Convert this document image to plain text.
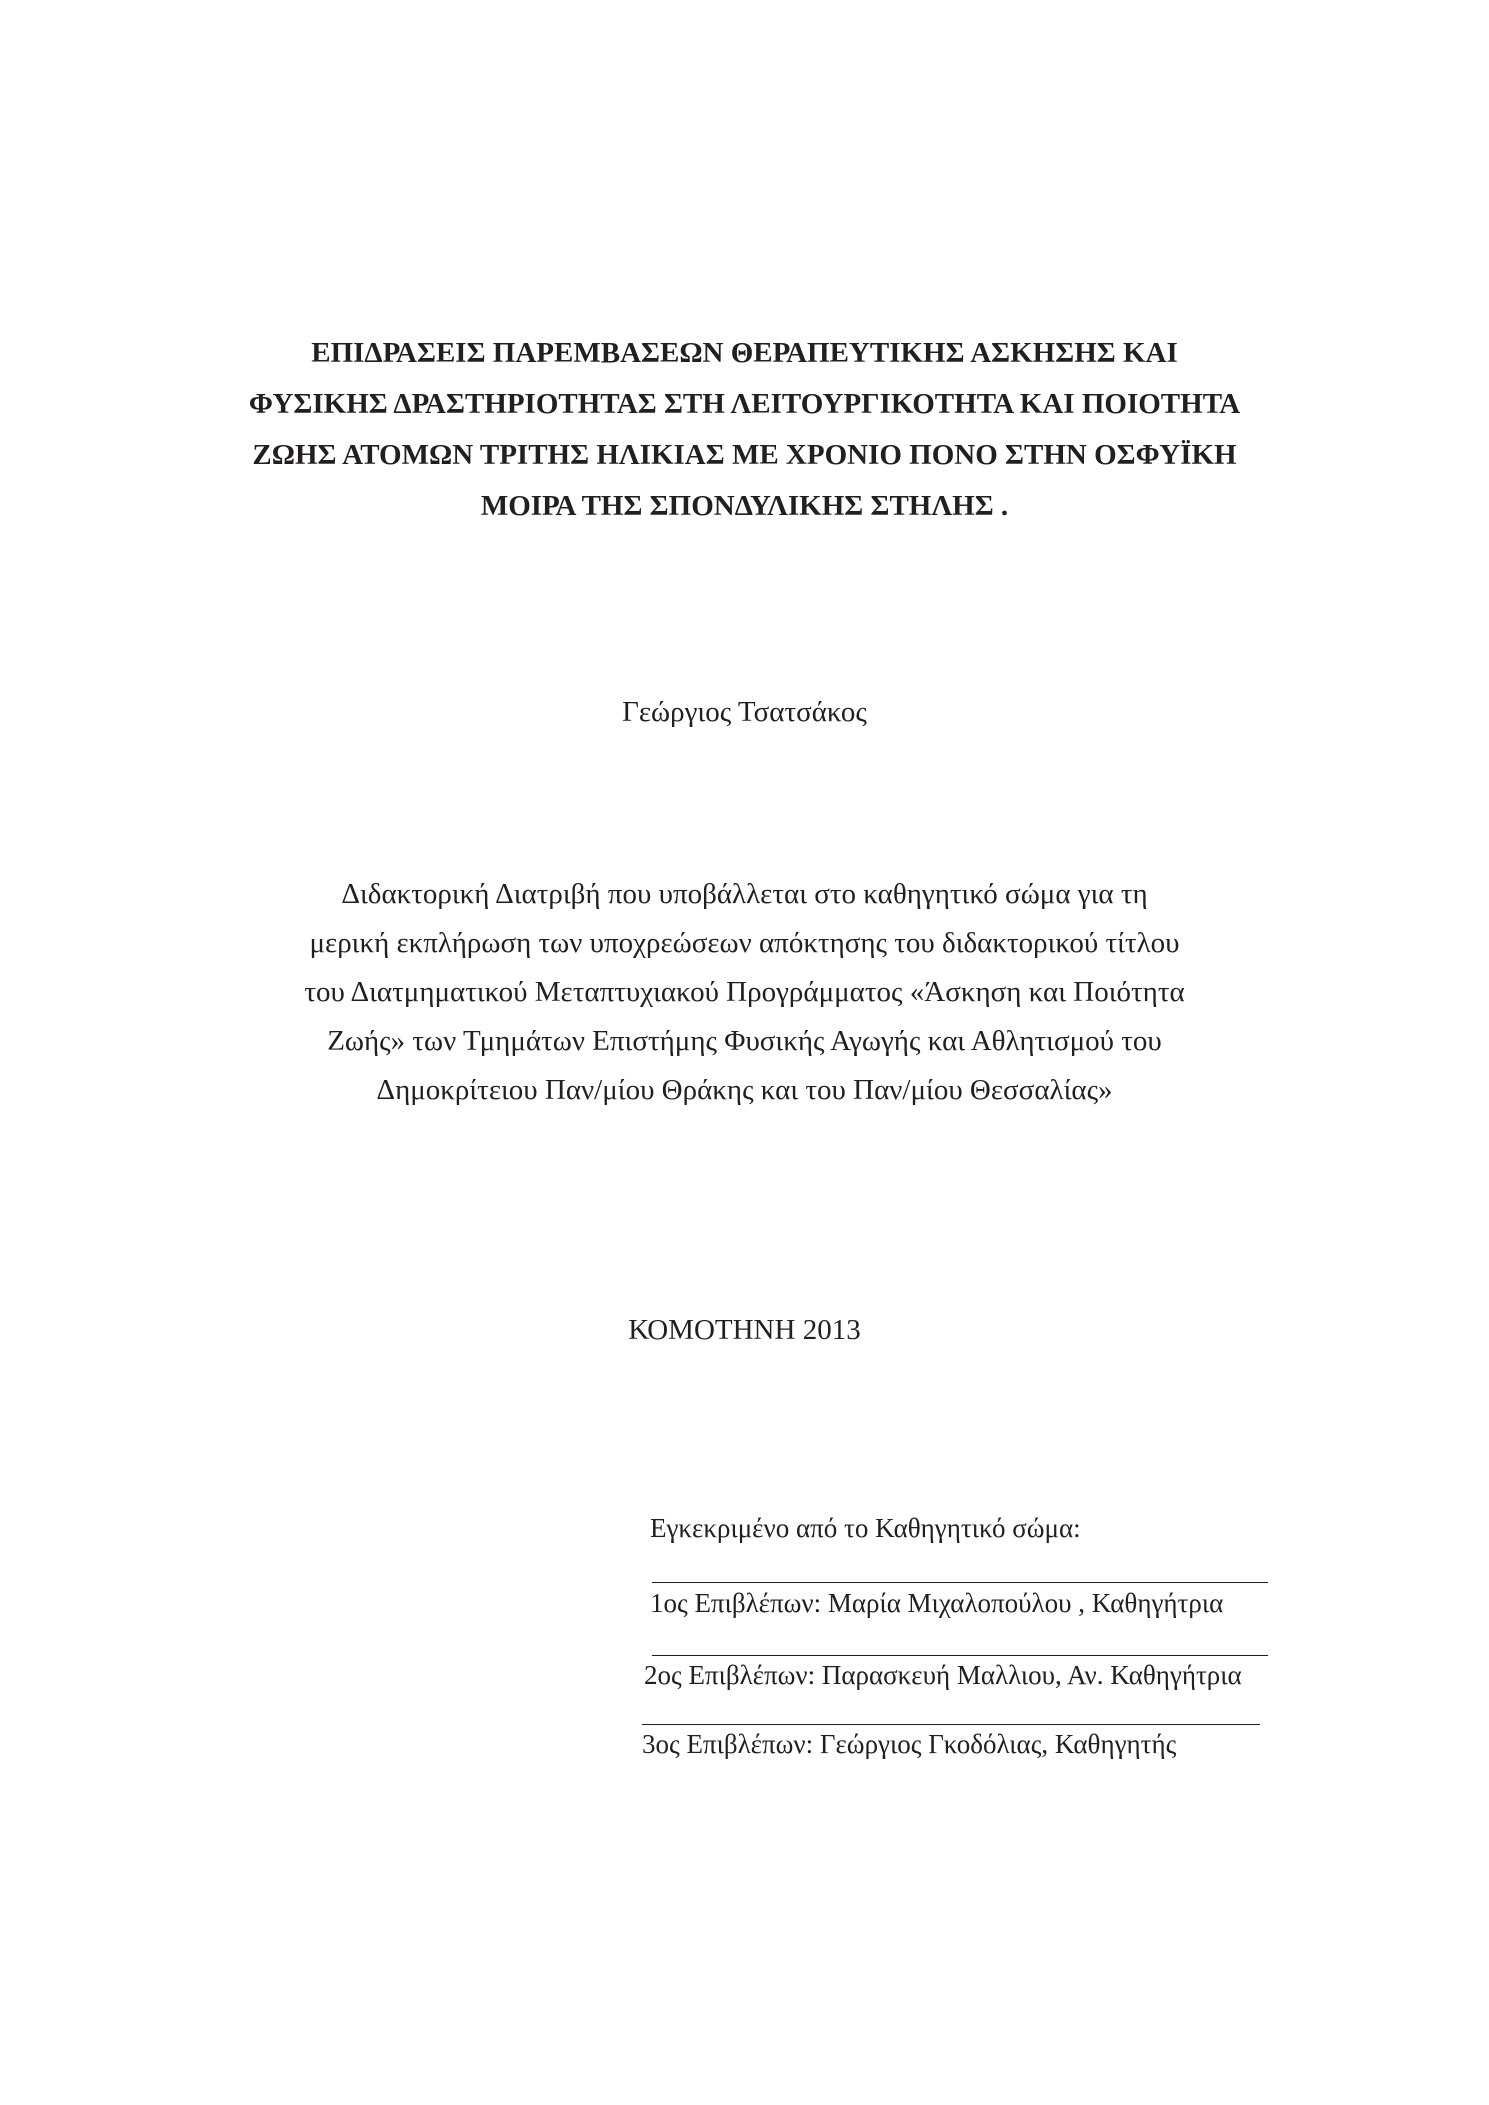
ΕΠΙΔΡΑΣΕΙΣ ΠΑΡΕΜΒΑΣΕΩΝ ΘΕΡΑΠΕΥΤΙΚΗΣ ΑΣΚΗΣΗΣ ΚΑΙ
ΦΥΣΙΚΗΣ ΔΡΑΣΤΗΡΙΟΤΗΤΑΣ ΣΤΗ ΛΕΙΤΟΥΡΓΙΚΟΤΗΤΑ ΚΑΙ ΠΟΙΟΤΗΤΑ
ΖΩΗΣ ΑΤΟΜΩΝ ΤΡΙΤΗΣ ΗΛΙΚΙΑΣ ΜΕ ΧΡΟΝΙΟ ΠΟΝΟ ΣΤΗΝ ΟΣΦΥΪΚΗ
ΜΟΙΡΑ ΤΗΣ ΣΠΟΝΔΥΛΙΚΗΣ ΣΤΗΛΗΣ .
Γεώργιος Τσατσάκος
Διδακτορική Διατριβή που υποβάλλεται στο καθηγητικό σώμα για τη
μερική εκπλήρωση των υποχρεώσεων απόκτησης του διδακτορικού τίτλου
του Διατμηματικού Μεταπτυχιακού Προγράμματος «Άσκηση και Ποιότητα
Ζωής» των Τμημάτων Επιστήμης Φυσικής Αγωγής και Αθλητισμού του
Δημοκρίτειου Παν/μίου Θράκης και του Παν/μίου Θεσσαλίας»
ΚΟΜΟΤΗΝΗ 2013
Εγκεκριμένο από το Καθηγητικό σώμα:
1ος Επιβλέπων: Μαρία Μιχαλοπούλου , Καθηγήτρια
2ος Επιβλέπων: Παρασκευή Μαλλιου, Αν. Καθηγήτρια
3ος Επιβλέπων: Γεώργιος Γκοδόλιας, Καθηγητής
